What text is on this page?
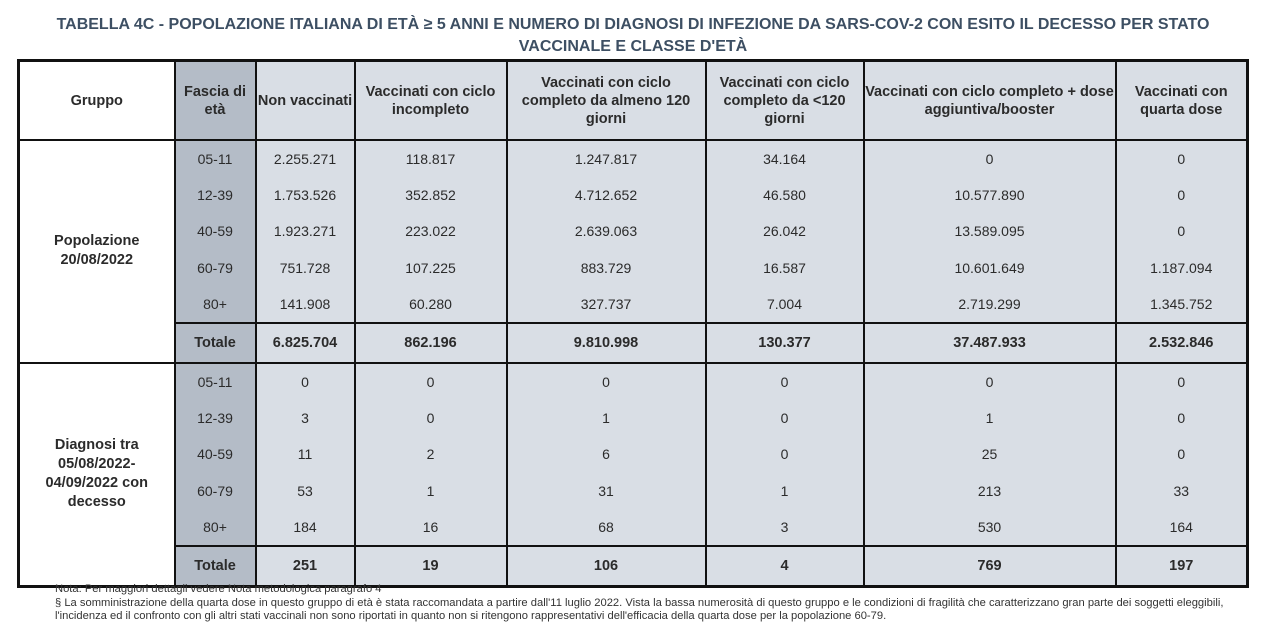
TABELLA 4C - POPOLAZIONE ITALIANA DI ETÀ ≥ 5 ANNI E NUMERO DI DIAGNOSI DI INFEZIONE DA SARS-COV-2 CON ESITO IL DECESSO PER STATO VACCINALE E CLASSE D'ETÀ
Gruppo	Fascia di età	Non vaccinati	Vaccinati con ciclo incompleto	Vaccinati con ciclo completo da almeno 120 giorni	Vaccinati con ciclo completo da <120 giorni	Vaccinati con ciclo completo + dose aggiuntiva/booster	Vaccinati con quarta dose
Popolazione 20/08/2022	05-11	2.255.271	118.817	1.247.817	34.164	0	0
	12-39	1.753.526	352.852	4.712.652	46.580	10.577.890	0
	40-59	1.923.271	223.022	2.639.063	26.042	13.589.095	0
	60-79	751.728	107.225	883.729	16.587	10.601.649	1.187.094
	80+	141.908	60.280	327.737	7.004	2.719.299	1.345.752
	Totale	6.825.704	862.196	9.810.998	130.377	37.487.933	2.532.846
Diagnosi tra 05/08/2022- 04/09/2022 con decesso	05-11	0	0	0	0	0	0
	12-39	3	0	1	0	1	0
	40-59	11	2	6	0	25	0
	60-79	53	1	31	1	213	33
	80+	184	16	68	3	530	164
	Totale	251	19	106	4	769	197
Nota: Per maggiori dettagli vedere Nota metodologica paragrafo 4
§ La somministrazione della quarta dose in questo gruppo di età è stata raccomandata a partire dall'11 luglio 2022. Vista la bassa numerosità di questo gruppo e le condizioni di fragilità che caratterizzano gran parte dei soggetti eleggibili, l'incidenza ed il confronto con gli altri stati vaccinali non sono riportati in quanto non si ritengono rappresentativi dell'efficacia della quarta dose per la popolazione 60-79.
